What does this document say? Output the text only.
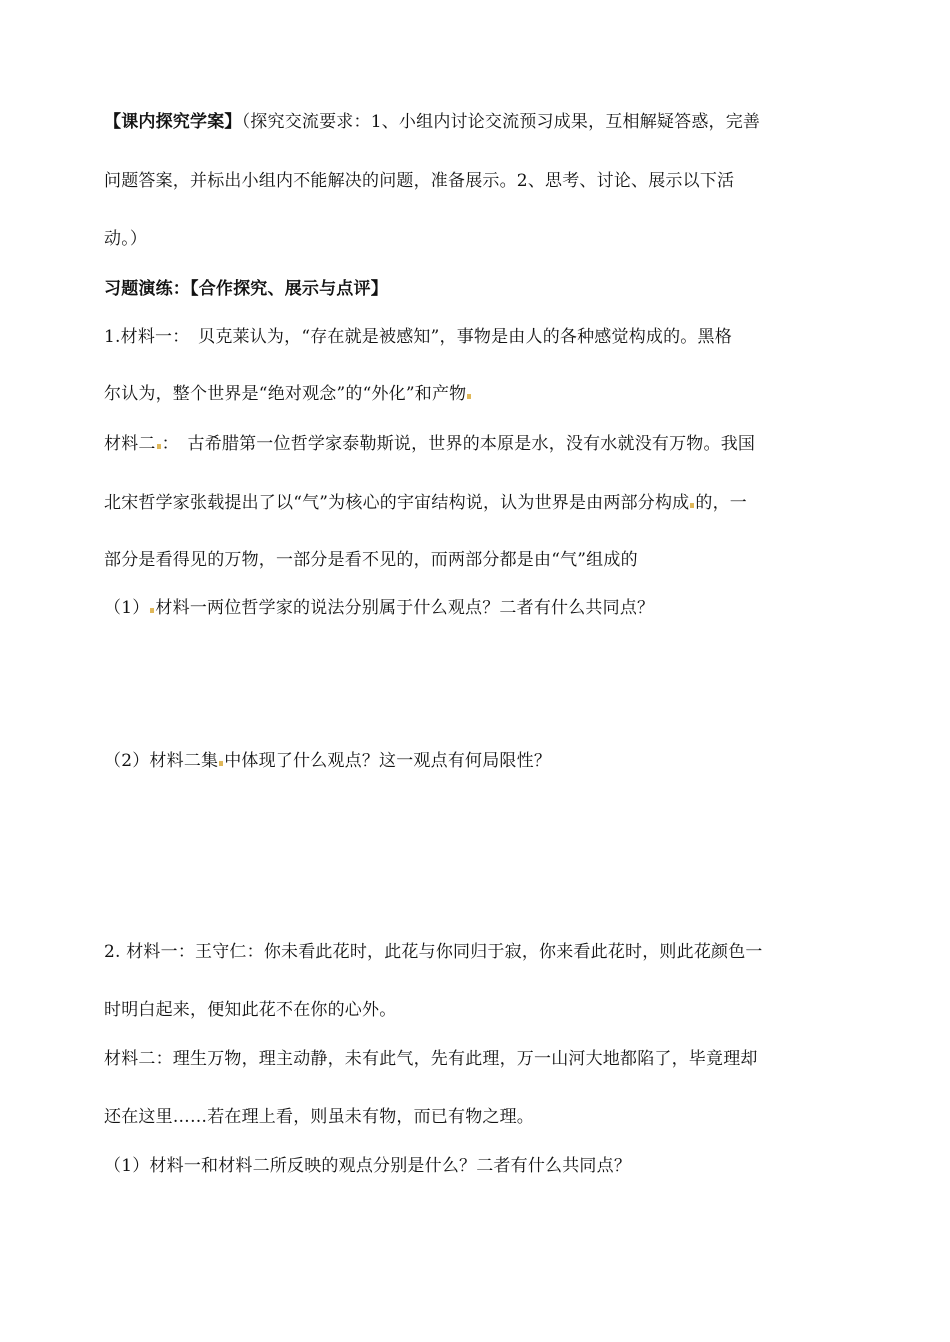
【课内探究学案】（探究交流要求：1、小组内讨论交流预习成果，互相解疑答惑，完善
问题答案，并标出小组内不能解决的问题，准备展示。2、思考、讨论、展示以下活
动。）
习题演练：【合作探究、展示与点评】
1.材料一：　贝克莱认为，“存在就是被感知”，事物是由人的各种感觉构成的。黑格
尔认为，整个世界是“绝对观念”的“外化”和产物
材料二 ：　古希腊第一位哲学家泰勒斯说，世界的本原是水，没有水就没有万物。我国
北宋哲学家张载提出了以“气”为核心的宇宙结构说，认为世界是由两部分构成 的，一
部分是看得见的万物，一部分是看不见的，而两部分都是由“气”组成的
（1） 材料一两位哲学家的说法分别属于什么观点？二者有什么共同点？
（2）材料二集 中体现了什么观点？这一观点有何局限性？
2. 材料一：王守仁：你未看此花时，此花与你同归于寂，你来看此花时，则此花颜色一
时明白起来，便知此花不在你的心外。
材料二：理生万物，理主动静，未有此气，先有此理，万一山河大地都陷了，毕竟理却
还在这里……若在理上看，则虽未有物，而已有物之理。
（1）材料一和材料二所反映的观点分别是什么？二者有什么共同点？
